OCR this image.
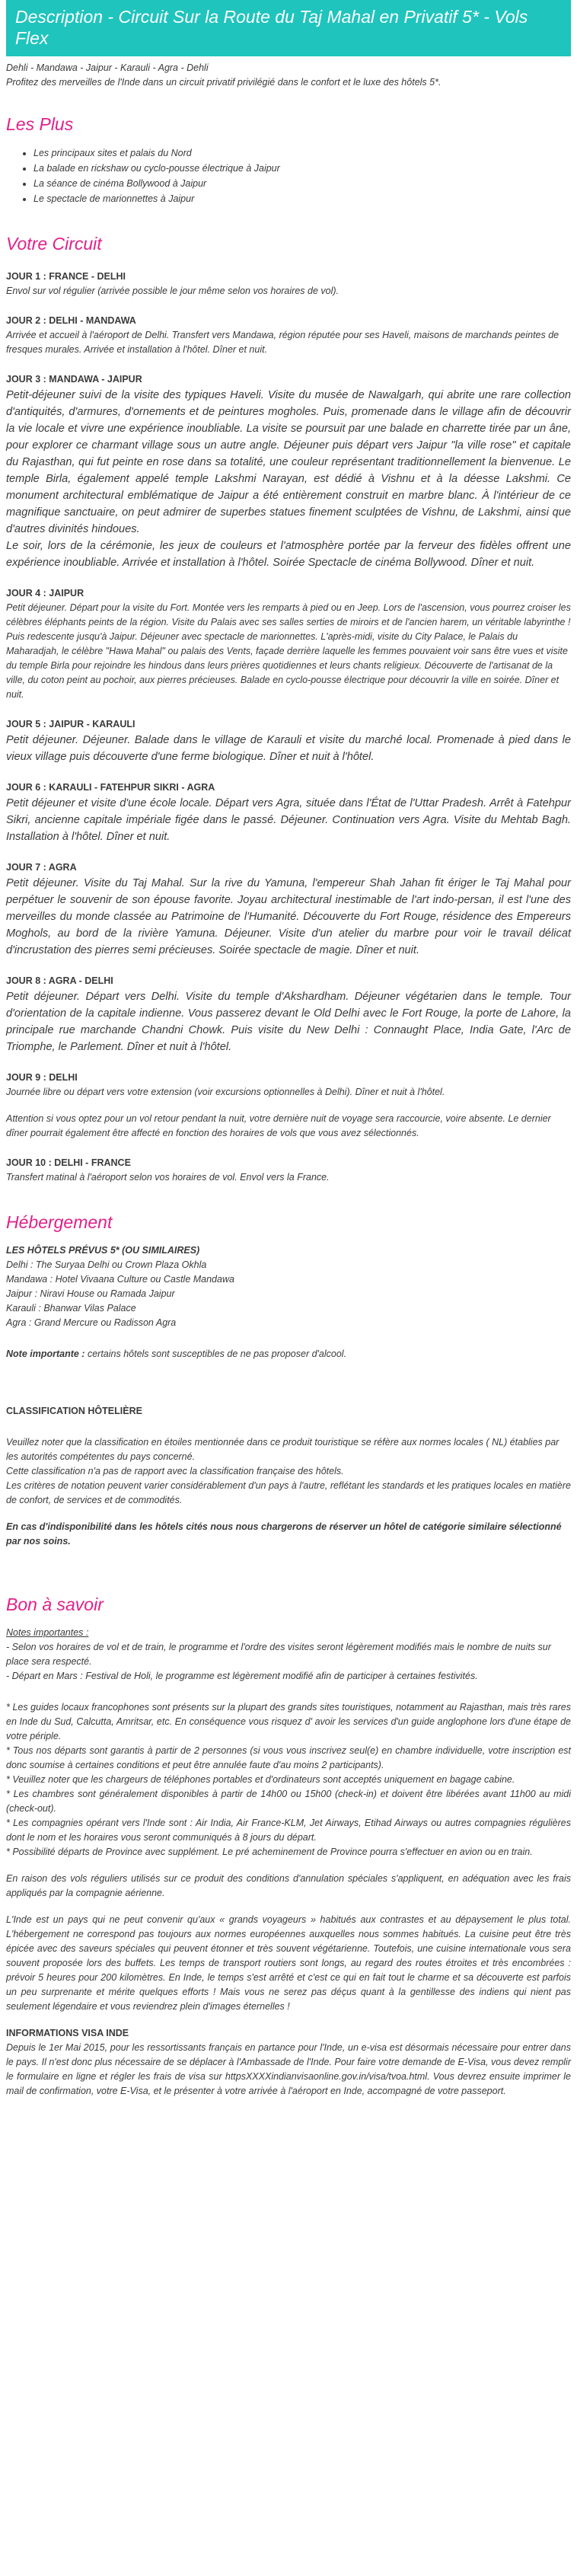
Description - Circuit Sur la Route du Taj Mahal en Privatif 5* - Vols Flex

Dehli - Mandawa - Jaipur - Karauli - Agra - Dehli

Profitez des merveilles de l'Inde dans un circuit privatif privilégié dans le confort et le luxe des hôtels 5*.

Les Plus
• Les principaux sites et palais du Nord
• La balade en rickshaw ou cyclo-pousse électrique à Jaipur
• La séance de cinéma Bollywood à Jaipur
• Le spectacle de marionnettes à Jaipur
Votre Circuit

JOUR 1 : FRANCE - DELHI

Envol sur vol régulier (arrivée possible le jour même selon vos horaires de vol).

JOUR 2 : DELHI - MANDAWA

Arrivée et accueil à l'aéroport de Delhi. Transfert vers Mandawa, région réputée pour ses Haveli, maisons de marchands peintes de fresques murales. Arrivée et installation à l'hôtel. Dîner et nuit.

JOUR 3 : MANDAWA - JAIPUR

Petit-déjeuner suivi de la visite des typiques Haveli. Visite du musée de Nawalgarh, qui abrite une rare collection d'antiquités, d'armures, d'ornements et de peintures mogholes. Puis, promenade dans le village afin de découvrir la vie locale et vivre une expérience inoubliable. La visite se poursuit par une balade en charrette tirée par un âne, pour explorer ce charmant village sous un autre angle. Déjeuner puis départ vers Jaipur "la ville rose" et capitale du Rajasthan, qui fut peinte en rose dans sa totalité, une couleur représentant traditionnellement la bienvenue. Le temple Birla, également appelé temple Lakshmi Narayan, est dédié à Vishnu et à la déesse Lakshmi. Ce monument architectural emblématique de Jaipur a été entièrement construit en marbre blanc. À l'intérieur de ce magnifique sanctuaire, on peut admirer de superbes statues finement sculptées de Vishnu, de Lakshmi, ainsi que d'autres divinités hindoues.

Le soir, lors de la cérémonie, les jeux de couleurs et l'atmosphère portée par la ferveur des fidèles offrent une expérience inoubliable. Arrivée et installation à l'hôtel. Soirée Spectacle de cinéma Bollywood. Dîner et nuit.

JOUR 4 : JAIPUR

Petit déjeuner. Départ pour la visite du Fort. Montée vers les remparts à pied ou en Jeep. Lors de l'ascension, vous pourrez croiser les célèbres éléphants peints de la région. Visite du Palais avec ses salles serties de miroirs et de l'ancien harem, un véritable labyrinthe ! Puis redescente jusqu'à Jaipur. Déjeuner avec spectacle de marionnettes. L'après-midi, visite du City Palace, le Palais du Maharadjah, le célèbre "Hawa Mahal" ou palais des Vents, façade derrière laquelle les femmes pouvaient voir sans être vues et visite du temple Birla pour rejoindre les hindous dans leurs prières quotidiennes et leurs chants religieux. Découverte de l'artisanat de la ville, du coton peint au pochoir, aux pierres précieuses. Balade en cyclo-pousse électrique pour découvrir la ville en soirée. Dîner et nuit.

JOUR 5 : JAIPUR - KARAULI

Petit déjeuner. Déjeuner. Balade dans le village de Karauli et visite du marché local. Promenade à pied dans le vieux village puis découverte d'une ferme biologique. Dîner et nuit à l'hôtel.

JOUR 6 : KARAULI - FATEHPUR SIKRI - AGRA

Petit déjeuner et visite d'une école locale. Départ vers Agra, située dans l'État de l'Uttar Pradesh. Arrêt à Fatehpur Sikri, ancienne capitale impériale figée dans le passé. Déjeuner. Continuation vers Agra. Visite du Mehtab Bagh. Installation à l'hôtel. Dîner et nuit.

JOUR 7 : AGRA

Petit déjeuner. Visite du Taj Mahal. Sur la rive du Yamuna, l'empereur Shah Jahan fit ériger le Taj Mahal pour perpétuer le souvenir de son épouse favorite. Joyau architectural inestimable de l'art indo-persan, il est l'une des merveilles du monde classée au Patrimoine de l'Humanité. Découverte du Fort Rouge, résidence des Empereurs Moghols, au bord de la rivière Yamuna. Déjeuner. Visite d'un atelier du marbre pour voir le travail délicat d'incrustation des pierres semi précieuses. Soirée spectacle de magie. Dîner et nuit.

JOUR 8 : AGRA - DELHI

Petit déjeuner. Départ vers Delhi. Visite du temple d'Akshardham. Déjeuner végétarien dans le temple. Tour d'orientation de la capitale indienne. Vous passerez devant le Old Delhi avec le Fort Rouge, la porte de Lahore, la principale rue marchande Chandni Chowk. Puis visite du New Delhi : Connaught Place, India Gate, l'Arc de Triomphe, le Parlement. Dîner et nuit à l'hôtel.

JOUR 9 : DELHI

Journée libre ou départ vers votre extension (voir excursions optionnelles à Delhi). Dîner et nuit à l'hôtel.

Attention si vous optez pour un vol retour pendant la nuit, votre dernière nuit de voyage sera raccourcie, voire absente. Le dernier dîner pourrait également être affecté en fonction des horaires de vols que vous avez sélectionnés.

JOUR 10 : DELHI - FRANCE

Transfert matinal à l'aéroport selon vos horaires de vol. Envol vers la France.

Hébergement

LES HÔTELS PRÉVUS 5* (OU SIMILAIRES)

Delhi : The Suryaa Delhi ou Crown Plaza Okhla

Mandawa : Hotel Vivaana Culture ou Castle Mandawa

Jaipur : Niravi House ou Ramada Jaipur

Karauli : Bhanwar Vilas Palace

Agra : Grand Mercure ou Radisson Agra

Note importante : certains hôtels sont susceptibles de ne pas proposer d'alcool.

CLASSIFICATION HÔTELIÈRE

Veuillez noter que la classification en étoiles mentionnée dans ce produit touristique se réfère aux normes locales ( NL) établies par les autorités compétentes du pays concerné.
Cette classification n'a pas de rapport avec la classification française des hôtels.
Les critères de notation peuvent varier considérablement d'un pays à l'autre, reflétant les standards et les pratiques locales en matière de confort, de services et de commodités.

En cas d'indisponibilité dans les hôtels cités nous nous chargerons de réserver un hôtel de catégorie similaire sélectionné par nos soins.

Bon à savoir

Notes importantes :

- Selon vos horaires de vol et de train, le programme et l'ordre des visites seront légèrement modifiés mais le nombre de nuits sur place sera respecté.
- Départ en Mars : Festival de Holi, le programme est légèrement modifié afin de participer à certaines festivités.

* Les guides locaux francophones sont présents sur la plupart des grands sites touristiques, notamment au Rajasthan, mais très rares en Inde du Sud, Calcutta, Amritsar, etc. En conséquence vous risquez d' avoir les services d'un guide anglophone lors d'une étape de votre périple.
* Tous nos départs sont garantis à partir de 2 personnes (si vous vous inscrivez seul(e) en chambre individuelle, votre inscription est donc soumise à certaines conditions et peut être annulée faute d'au moins 2 participants).
* Veuillez noter que les chargeurs de téléphones portables et d'ordinateurs sont acceptés uniquement en bagage cabine.
* Les chambres sont généralement disponibles à partir de 14h00 ou 15h00 (check-in) et doivent être libérées avant 11h00 au midi (check-out).
* Les compagnies opérant vers l'Inde sont : Air India, Air France-KLM, Jet Airways, Etihad Airways ou autres compagnies régulières dont le nom et les horaires vous seront communiqués à 8 jours du départ.
* Possibilité départs de Province avec supplément. Le pré acheminement de Province pourra s'effectuer en avion ou en train.

En raison des vols réguliers utilisés sur ce produit des conditions d'annulation spéciales s'appliquent, en adéquation avec les frais appliqués par la compagnie aérienne.

L'Inde est un pays qui ne peut convenir qu'aux « grands voyageurs » habitués aux contrastes et au dépaysement le plus total. L'hébergement ne correspond pas toujours aux normes européennes auxquelles nous sommes habitués. La cuisine peut être très épicée avec des saveurs spéciales qui peuvent étonner et très souvent végétarienne. Toutefois, une cuisine internationale vous sera souvent proposée lors des buffets. Les temps de transport routiers sont longs, au regard des routes étroites et très encombrées : prévoir 5 heures pour 200 kilomètres. En Inde, le temps s'est arrêté et c'est ce qui en fait tout le charme et sa découverte est parfois un peu surprenante et mérite quelques efforts ! Mais vous ne serez pas déçus quant à la gentillesse des indiens qui nient pas seulement légendaire et vous reviendrez plein d'images éternelles !

INFORMATIONS VISA INDE

Depuis le 1er Mai 2015, pour les ressortissants français en partance pour l'Inde, un e-visa est désormais nécessaire pour entrer dans le pays. Il n'est donc plus nécessaire de se déplacer à l'Ambassade de l'Inde. Pour faire votre demande de E-Visa, vous devez remplir le formulaire en ligne et régler les frais de visa sur httpsXXXXindianvisaonline.gov.in/visa/tvoa.html. Vous devrez ensuite imprimer le mail de confirmation, votre E-Visa, et le présenter à votre arrivée à l'aéroport en Inde, accompagné de votre passeport.
